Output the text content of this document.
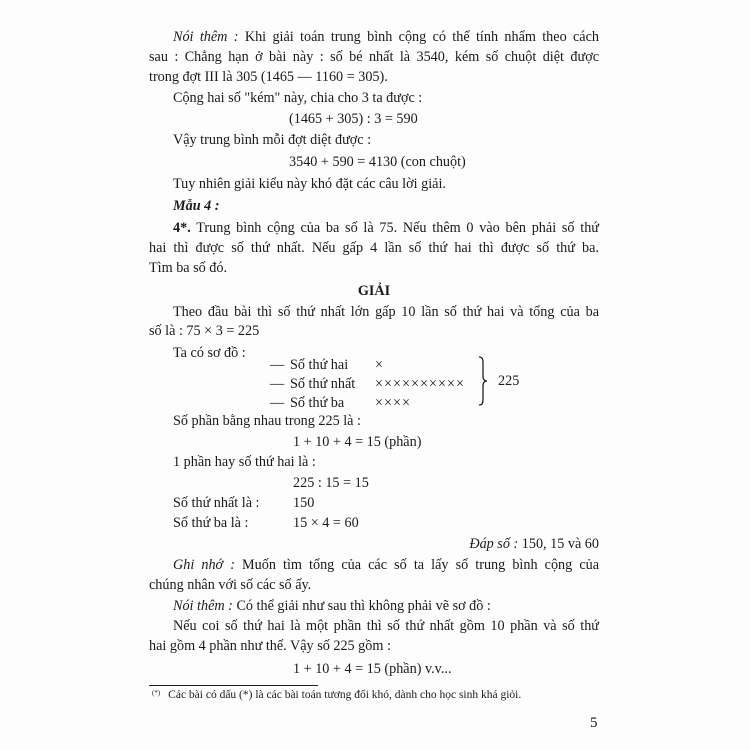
Nói thêm : Khi giải toán trung bình cộng có thể tính nhẩm theo cách
sau : Chẳng hạn ở bài này : số bé nhất là 3540, kém số chuột diệt được
trong đợt III là 305 (1465 — 1160 = 305).
Cộng hai số "kém" này, chia cho 3 ta được :
(1465 + 305) : 3 = 590
Vậy trung bình mỗi đợt diệt được :
3540 + 590 = 4130 (con chuột)
Tuy nhiên giải kiểu này khó đặt các câu lời giải.
Mẫu 4 :
4*. Trung bình cộng của ba số là 75. Nếu thêm 0 vào bên phải số thứ
hai thì được số thứ nhất. Nếu gấp 4 lần số thứ hai thì được số thứ ba.
Tìm ba số đó.
GIẢI
Theo đầu bài thì số thứ nhất lớn gấp 10 lần số thứ hai và tổng của ba
số là : 75 × 3 = 225
Ta có sơ đồ :
— Số thứ hai ×
— Số thứ nhất ××××××××××
— Số thứ ba ××××
225
Số phần bằng nhau trong 225 là :
1 + 10 + 4 = 15 (phần)
1 phần hay số thứ hai là :
225 : 15 = 15
Số thứ nhất là : 150
Số thứ ba là :	15 × 4 = 60
Đáp số : 150, 15 và 60
Ghi nhớ : Muốn tìm tổng của các số ta lấy số trung bình cộng của
chúng nhân với số các số ấy.
Nói thêm : Có thể giải như sau thì không phải vẽ sơ đồ :
Nếu coi số thứ hai là một phần thì số thứ nhất gồm 10 phần và số thứ
hai gồm 4 phần như thế. Vậy số 225 gồm :
1 + 10 + 4 = 15 (phần) v.v...
(*) Các bài có dấu (*) là các bài toán tương đối khó, dành cho học sinh khá giỏi.
5
